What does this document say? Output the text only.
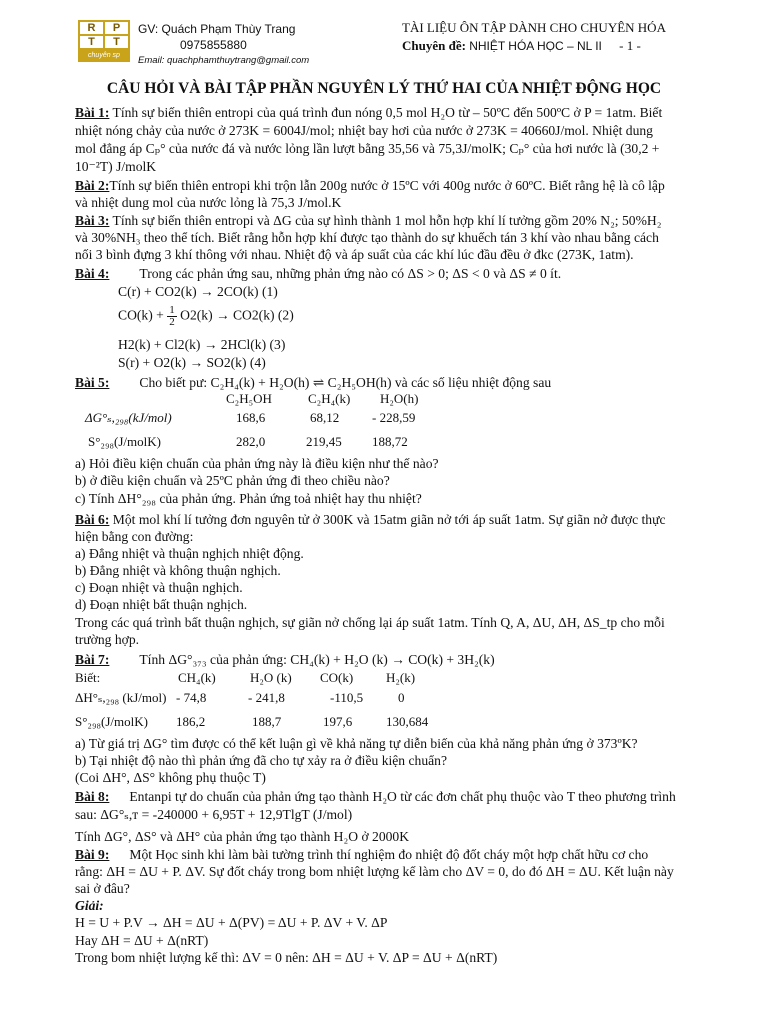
R	P
T	T
chuyên sp
GV: Quách Phạm Thùy Trang
0975855880
Email: quachphamthuytrang@gmail.com
TÀI LIỆU ÔN TẬP DÀNH CHO CHUYÊN HÓA
Chuyên đề: NHIỆT HÓA HỌC – NL II - 1 -
CÂU HỎI VÀ BÀI TẬP PHẦN NGUYÊN LÝ THỨ HAI CỦA NHIỆT ĐỘNG HỌC
Bài 1: Tính sự biến thiên entropi của quá trình đun nóng 0,5 mol H₂O từ – 50ºC đến 500ºC ở P = 1atm. Biết
nhiệt nóng chảy của nước ở 273K = 6004J/mol; nhiệt bay hơi của nước ở 273K = 40660J/mol. Nhiệt dung
mol đẳng áp Cₚ° của nước đá và nước lỏng lần lượt bằng 35,56 và 75,3J/molK; Cₚ° của hơi nước là (30,2 +
10⁻²T) J/molK
Bài 2:Tính sự biến thiên entropi khi trộn lẫn 200g nước ở 15ºC với 400g nước ở 60ºC. Biết rằng hệ là cô lập
và nhiệt dung mol của nước lỏng là 75,3 J/mol.K
Bài 3: Tính sự biến thiên entropi và ΔG của sự hình thành 1 mol hỗn hợp khí lí tưởng gồm 20% N₂; 50%H₂
và 30%NH₃ theo thể tích. Biết rằng hỗn hợp khí được tạo thành do sự khuếch tán 3 khí vào nhau bằng cách
nối 3 bình đựng 3 khí thông với nhau. Nhiệt độ và áp suất của các khí lúc đầu đều ở đkc (273K, 1atm).
Bài 4: Trong các phản ứng sau, những phản ứng nào có ΔS > 0; ΔS < 0 và ΔS ≠ 0 ít.
C(r) + CO2(k) → 2CO(k) (1)
$CO(k) + \frac{1}{2} O2(k) \to CO2(k)$ (2)
H2(k) + Cl2(k) → 2HCl(k) (3)
S(r) + O2(k) → SO2(k) (4)
Bài 5: Cho biết pư: C₂H₄(k) + H₂O(h) ⇌ C₂H₅OH(h) và các số liệu nhiệt động sau
C₂H₅OH	C₂H₄(k) H₂O(h)
ΔG°ₛ,₂₉₈(kJ/mol)	168,6	68,12	- 228,59
S°₂₉₈(J/molK)	282,0	219,45 188,72
a) Hỏi điều kiện chuẩn của phản ứng này là điều kiện như thế nào?
b) ở điều kiện chuẩn và 25ºC phản ứng đi theo chiều nào?
c) Tính ΔH°₂₉₈ của phản ứng. Phản ứng toả nhiệt hay thu nhiệt?
Bài 6: Một mol khí lí tưởng đơn nguyên tử ở 300K và 15atm giãn nở tới áp suất 1atm. Sự giãn nở được thực
hiện bằng con đường:
a) Đẳng nhiệt và thuận nghịch nhiệt động.
b) Đẳng nhiệt và không thuận nghịch.
c) Đoạn nhiệt và thuận nghịch.
d) Đoạn nhiệt bất thuận nghịch.
Trong các quá trình bất thuận nghịch, sự giãn nở chống lại áp suất 1atm. Tính Q, A, ΔU, ΔH, ΔS_tp cho mỗi
trường hợp.
Bài 7: Tính ΔG°₃₇₃ của phản ứng: CH₄(k) + H₂O (k) → CO(k) + 3H₂(k)
Biết:	CH₄(k)	H₂O (k) CO(k)	H₂(k)
ΔH°ₛ,₂₉₈ (kJ/mol) - 74,8	- 241,8	-110,5	0
S°₂₉₈(J/molK) 186,2	188,7	197,6	130,684
a) Từ giá trị ΔG° tìm được có thể kết luận gì về khả năng tự diễn biến của khả năng phản ứng ở 373ºK?
b) Tại nhiệt độ nào thì phản ứng đã cho tự xảy ra ở điều kiện chuẩn?
(Coi ΔH°, ΔS° không phụ thuộc T)
Bài 8: Entanpi tự do chuẩn của phản ứng tạo thành H₂O từ các đơn chất phụ thuộc vào T theo phương trình
sau: ΔG°ₛ,ᴛ = -240000 + 6,95T + 12,9TlgT (J/mol)
Tính ΔG°, ΔS° và ΔH° của phản ứng tạo thành H₂O ở 2000K
Bài 9: Một Học sinh khi làm bài tường trình thí nghiệm đo nhiệt độ đốt cháy một hợp chất hữu cơ cho
rằng: ΔH = ΔU + P. ΔV. Sự đốt cháy trong bom nhiệt lượng kế làm cho ΔV = 0, do đó ΔH = ΔU. Kết luận này
sai ở đâu?
Giải:
H = U + P.V → ΔH = ΔU + Δ(PV) = ΔU + P. ΔV + V. ΔP
Hay ΔH = ΔU + Δ(nRT)
Trong bom nhiệt lượng kế thì: ΔV = 0 nên: ΔH = ΔU + V. ΔP = ΔU + Δ(nRT)
